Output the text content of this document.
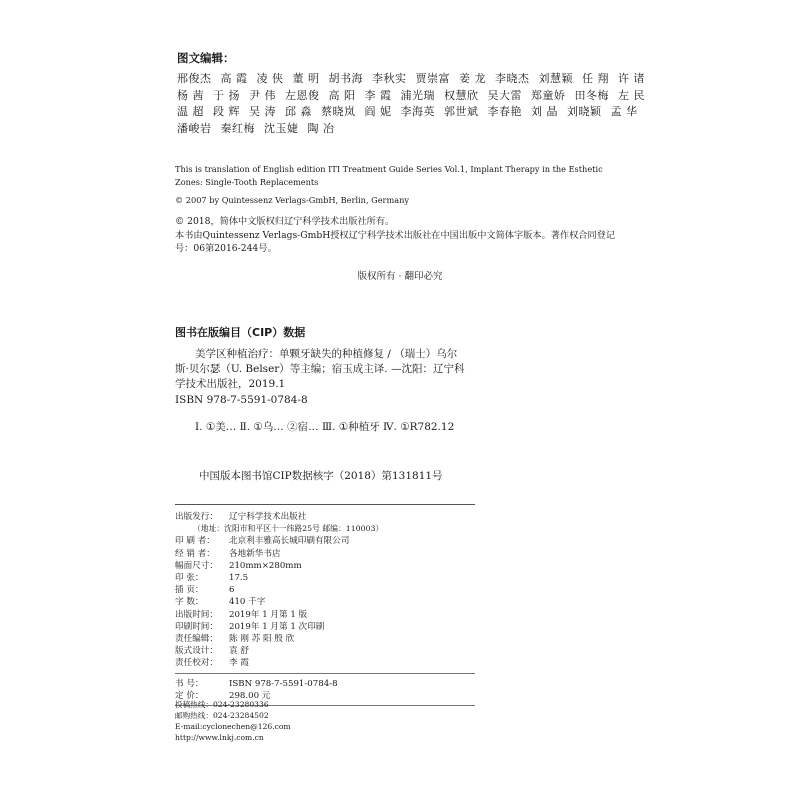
图文编辑：
邢俊杰 高 霞 凌 侠 董 明 胡书海 李秋实 贾崇富 姜 龙 李晓杰 刘慧颖 任 翔 许 诸
杨 茜 于 扬 尹 伟 左恩俊 高 阳 李 霞 浦光瑞 权慧欣 吴大雷 郑童娇 田冬梅 左 民
温 超 段 辉 吴 涛 邱 淼 蔡晓岚 阎 妮 李海英 郭世斌 李春艳 刘 晶 刘晓颖 孟 华
潘峻岩 秦红梅 沈玉婕 陶 冶
This is translation of English edition ITI Treatment Guide Series Vol.1, Implant Therapy in the Esthetic Zones: Single-Tooth Replacements
© 2007 by Quintessenz Verlags-GmbH, Berlin, Germany
© 2018，简体中文版权归辽宁科学技术出版社所有。
本书由Quintessenz Verlags-GmbH授权辽宁科学技术出版社在中国出版中文简体字版本。著作权合同登记号：06第2016-244号。
版权所有 · 翻印必究
图书在版编目（CIP）数据
美学区种植治疗：单颗牙缺失的种植修复 / （瑞士）乌尔斯·贝尔瑟（U. Belser）等主编；宿玉成主译. —沈阳：辽宁科学技术出版社，2019.1
ISBN 978-7-5591-0784-8
Ⅰ. ①美… Ⅱ. ①乌… ②宿… Ⅲ. ①种植牙 Ⅳ. ①R782.12
中国版本图书馆CIP数据核字（2018）第131811号
出版发行：	辽宁科学技术出版社
（地址：沈阳市和平区十一纬路25号 邮编：110003）
印 刷 者：	北京利丰雅高长城印刷有限公司
经 销 者：	各地新华书店
幅面尺寸：	210mm×280mm
印 张：	17.5
插 页：	6
字 数：	410 千字
出版时间：	2019年 1 月第 1 版
印刷时间：	2019年 1 月第 1 次印刷
责任编辑：	陈 刚 苏 阳 殷 欣
版式设计：	袁 舒
责任校对：	李 霞
书 号：	ISBN 978-7-5591-0784-8
定 价：	298.00 元
投稿热线：024-23280336
邮购热线：024-23284502
E-mail:cyclonechen@126.com
http://www.lnkj.com.cn
